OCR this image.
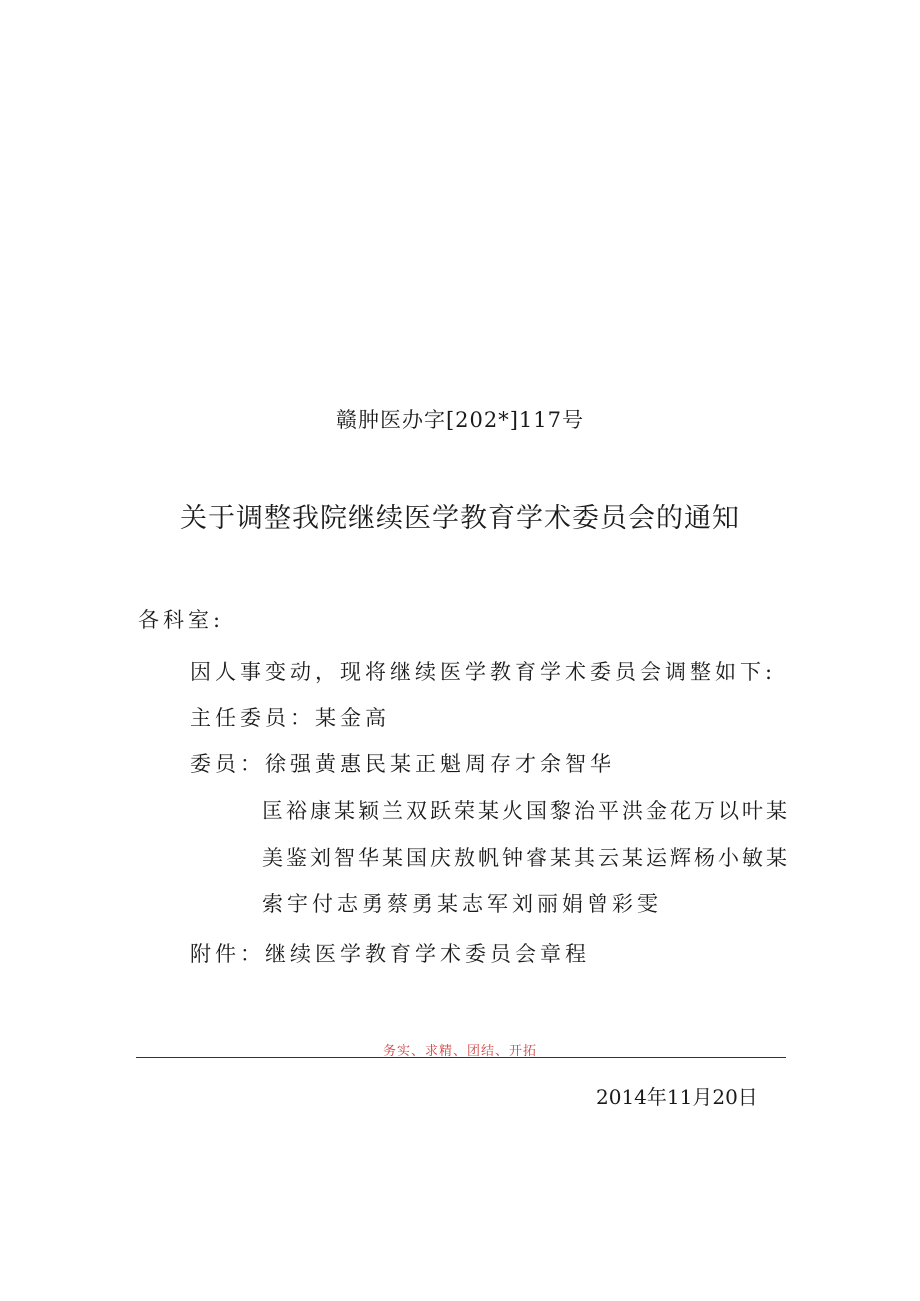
赣肿医办字[202*]117号
关于调整我院继续医学教育学术委员会的通知
各科室:
因人事变动，现将继续医学教育学术委员会调整如下:
主任委员：某金高
委员：徐强黄惠民某正魁周存才余智华
匡裕康某颖兰双跃荣某火国黎治平洪金花万以叶某
美鉴刘智华某国庆敖帆钟睿某其云某运辉杨小敏某
索宇付志勇蔡勇某志军刘丽娟曾彩雯
附件：继续医学教育学术委员会章程
务实、求精、团结、开拓
2014年11月20日
